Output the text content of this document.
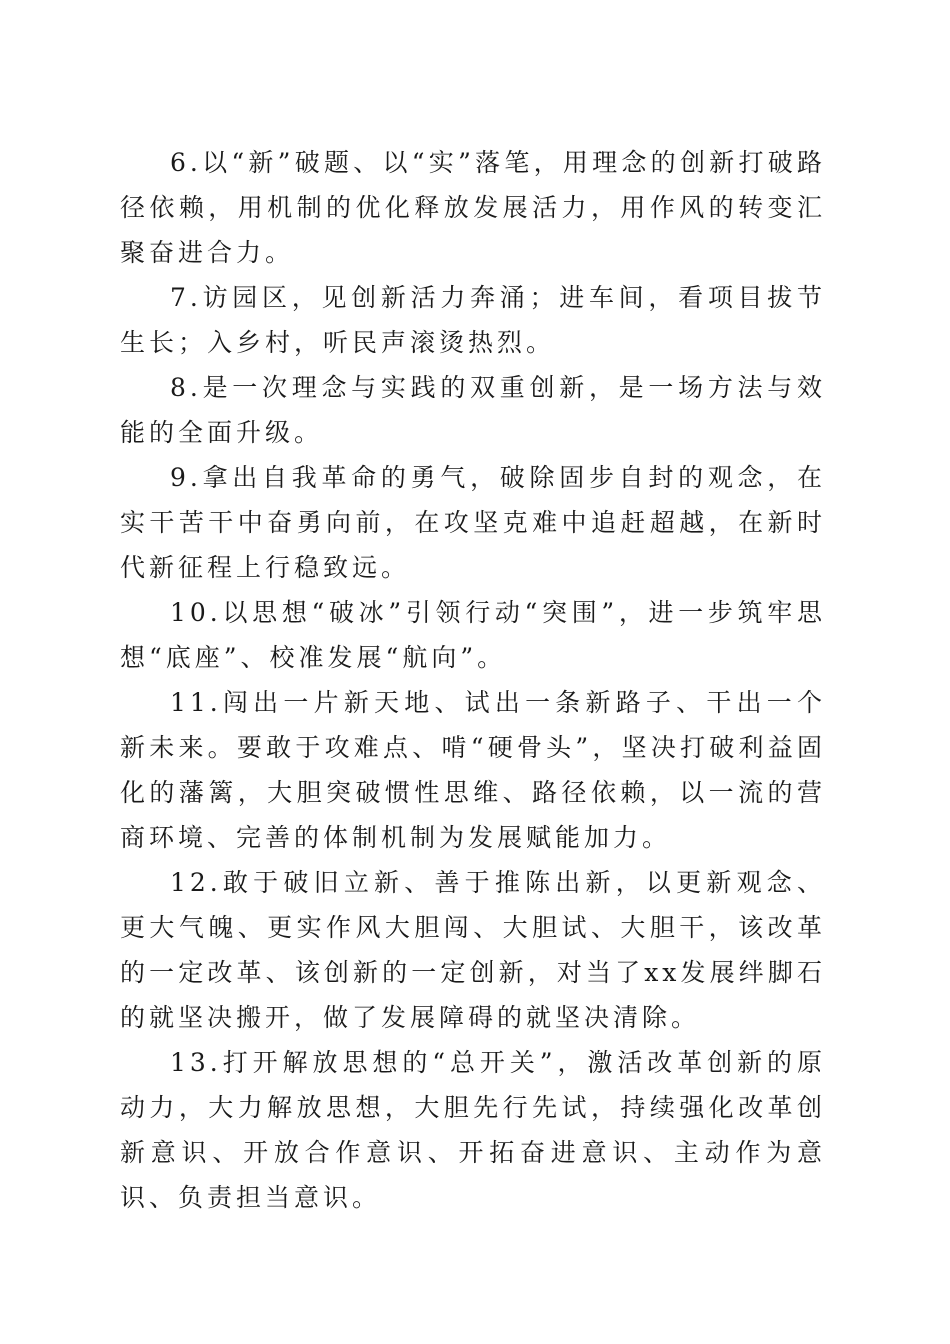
6.以“新”破题、以“实”落笔，用理念的创新打破路径依赖，用机制的优化释放发展活力，用作风的转变汇聚奋进合力。

7.访园区，见创新活力奔涌；进车间，看项目拔节生长；入乡村，听民声滚烫热烈。

8.是一次理念与实践的双重创新，是一场方法与效能的全面升级。

9.拿出自我革命的勇气，破除固步自封的观念，在实干苦干中奋勇向前，在攻坚克难中追赶超越，在新时代新征程上行稳致远。

10.以思想“破冰”引领行动“突围”，进一步筑牢思想“底座”、校准发展“航向”。

11.闯出一片新天地、试出一条新路子、干出一个新未来。要敢于攻难点、啃“硬骨头”，坚决打破利益固化的藩篱，大胆突破惯性思维、路径依赖，以一流的营商环境、完善的体制机制为发展赋能加力。

12.敢于破旧立新、善于推陈出新，以更新观念、更大气魄、更实作风大胆闯、大胆试、大胆干，该改革的一定改革、该创新的一定创新，对当了xx发展绊脚石的就坚决搬开，做了发展障碍的就坚决清除。

13.打开解放思想的“总开关”，激活改革创新的原动力，大力解放思想，大胆先行先试，持续强化改革创新意识、开放合作意识、开拓奋进意识、主动作为意识、负责担当意识。
